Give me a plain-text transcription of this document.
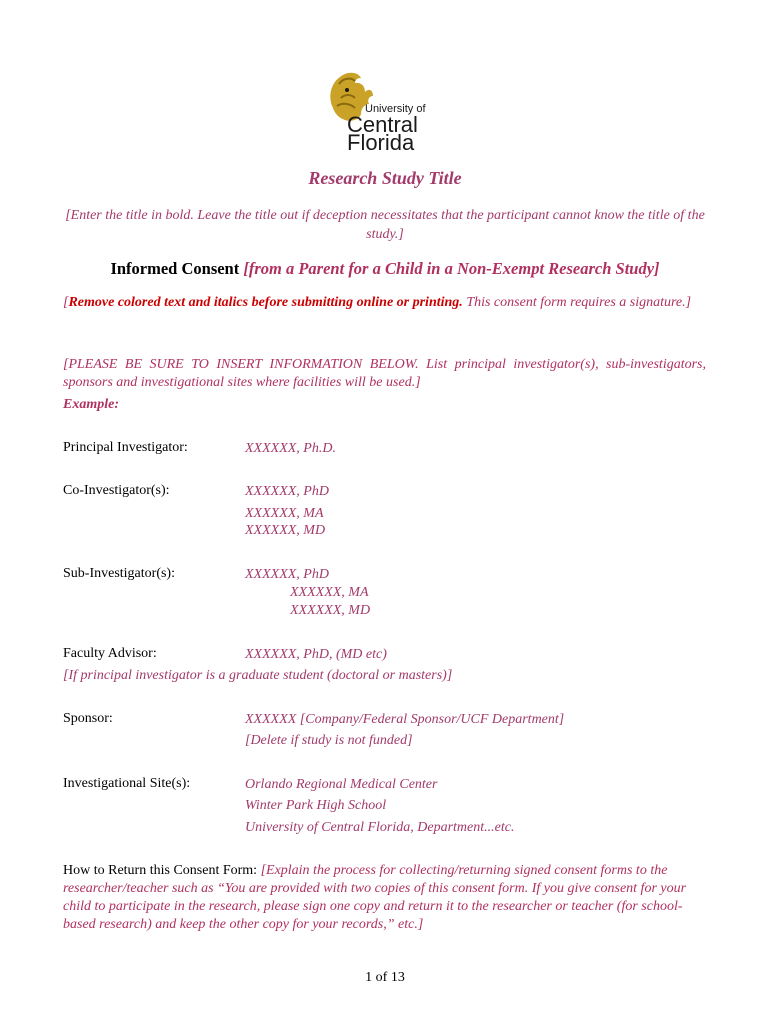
University of
Central
Florida
Research Study Title
[Enter the title in bold. Leave the title out if deception necessitates that the participant cannot know the title of the study.]
Informed Consent [from a Parent for a Child in a Non-Exempt Research Study]
[Remove colored text and italics before submitting online or printing. This consent form requires a signature.]
[PLEASE BE SURE TO INSERT INFORMATION BELOW. List principal investigator(s), sub-investigators, sponsors and investigational sites where facilities will be used.]
Example:
Principal Investigator:	XXXXXX, Ph.D.
Co-Investigator(s):	XXXXXX, PhD
XXXXXX, MA
XXXXXX, MD
Sub-Investigator(s):	XXXXXX, PhD
XXXXXX, MA
XXXXXX, MD
Faculty Advisor:	XXXXXX, PhD, (MD etc)
[If principal investigator is a graduate student (doctoral or masters)]
Sponsor:	XXXXXX [Company/Federal Sponsor/UCF Department]
[Delete if study is not funded]
Investigational Site(s):	Orlando Regional Medical Center
Winter Park High School
University of Central Florida, Department...etc.
How to Return this Consent Form: [Explain the process for collecting/returning signed consent forms to the researcher/teacher such as “You are provided with two copies of this consent form. If you give consent for your child to participate in the research, please sign one copy and return it to the researcher or teacher (for school-based research) and keep the other copy for your records,” etc.]
1 of 13
